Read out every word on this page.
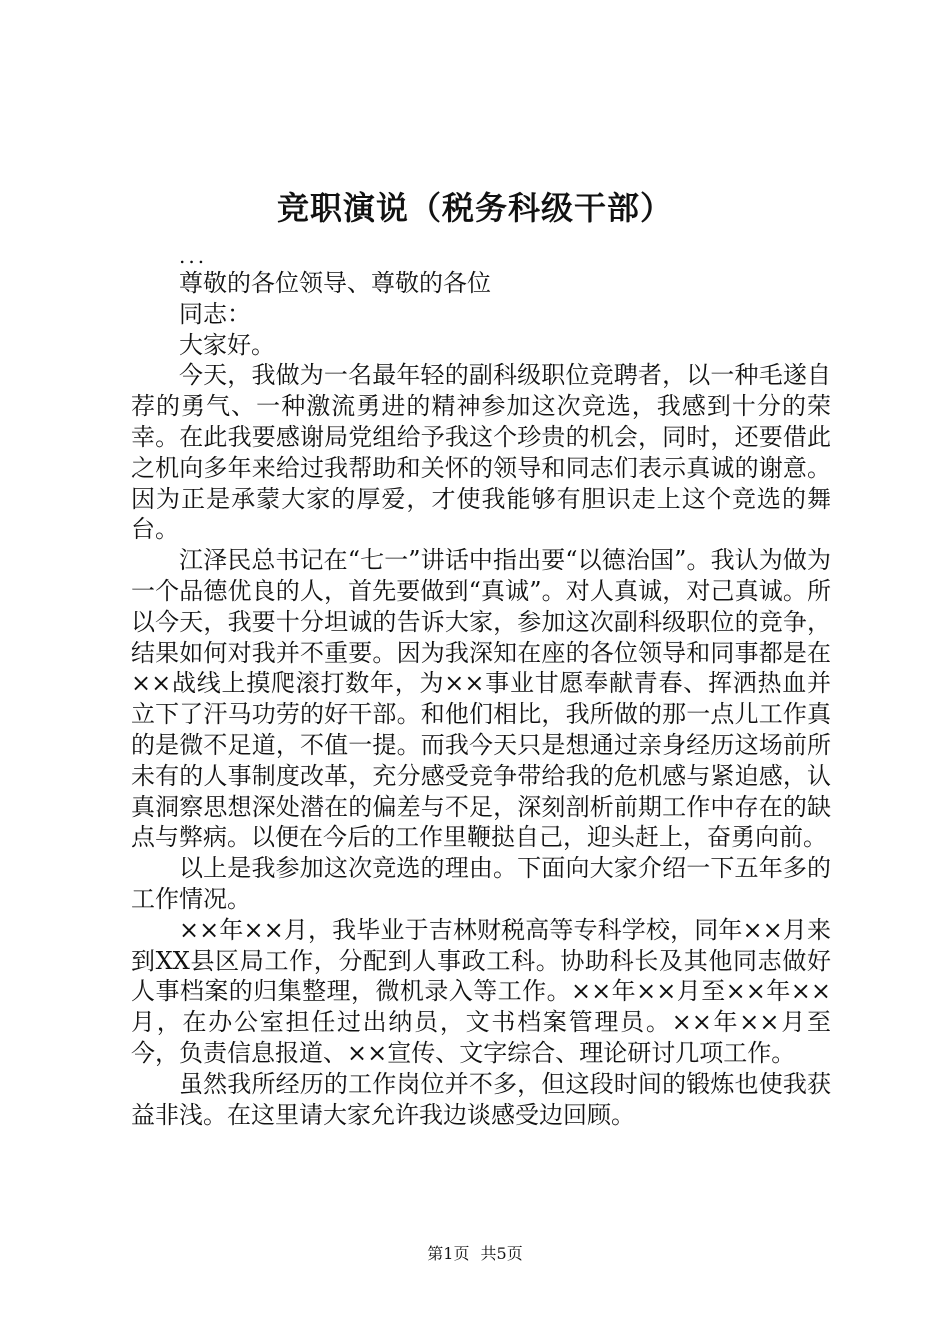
竞职演说（税务科级干部）

...

尊敬的各位领导、尊敬的各位

同志：

大家好。

今天，我做为一名最年轻的副科级职位竞聘者，以一种毛遂自荐的勇气、一种激流勇进的精神参加这次竞选，我感到十分的荣幸。在此我要感谢局党组给予我这个珍贵的机会，同时，还要借此之机向多年来给过我帮助和关怀的领导和同志们表示真诚的谢意。因为正是承蒙大家的厚爱，才使我能够有胆识走上这个竞选的舞台。

江泽民总书记在“七一”讲话中指出要“以德治国”。我认为做为一个品德优良的人，首先要做到“真诚”。对人真诚，对己真诚。所以今天，我要十分坦诚的告诉大家，参加这次副科级职位的竞争，结果如何对我并不重要。因为我深知在座的各位领导和同事都是在××战线上摸爬滚打数年，为××事业甘愿奉献青春、挥洒热血并立下了汗马功劳的好干部。和他们相比，我所做的那一点儿工作真的是微不足道，不值一提。而我今天只是想通过亲身经历这场前所未有的人事制度改革，充分感受竞争带给我的危机感与紧迫感，认真洞察思想深处潜在的偏差与不足，深刻剖析前期工作中存在的缺点与弊病。以便在今后的工作里鞭挞自己，迎头赶上，奋勇向前。

以上是我参加这次竞选的理由。下面向大家介绍一下五年多的工作情况。

××年××月，我毕业于吉林财税高等专科学校，同年××月来到XX县区局工作，分配到人事政工科。协助科长及其他同志做好人事档案的归集整理，微机录入等工作。××年××月至××年××月，在办公室担任过出纳员，文书档案管理员。××年××月至今，负责信息报道、××宣传、文字综合、理论研讨几项工作。

虽然我所经历的工作岗位并不多，但这段时间的锻炼也使我获益非浅。在这里请大家允许我边谈感受边回顾。

第1页 共5页
